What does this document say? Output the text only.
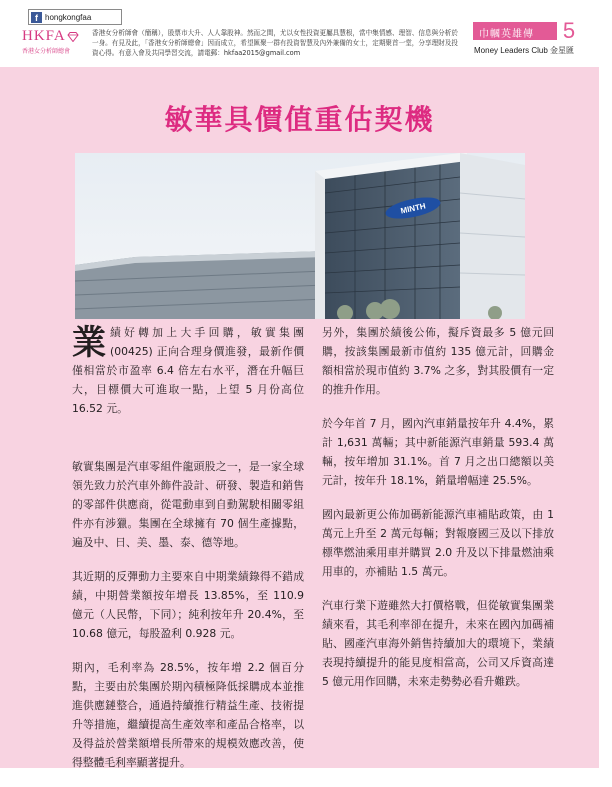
f hongkongfaa
HKFA
香港女分析師總會
香港女分析師會（簡稱），股票市大升、人人靠股神。然而之間，尤以女性投資更屬具慧根，當中集情感、理智、信息與分析於一身。有見及此，「香港女分析師總會」因而成立，希望匯聚一群有投資智慧及內外兼備的女士，定期聚首一堂，分享理財及投資心得。有意入會及共同學習交流，請電郵：hkfaa2015@gmail.com
巾幗英雄傳 5
Money Leaders Club 金星匯
敏華具價值重估契機
MINTH

業績好轉加上大手回購，敏實集團 (00425) 正向合理身價進發，最新作價僅相當於市盈率 6.4 倍左右水平，潛在升幅巨大，目標價大可進取一點，上望 5 月份高位 16.52 元。

敏實集團是汽車零組件龍頭股之一，是一家全球領先致力於汽車外飾件設計、研發、製造和銷售的零部件供應商，從電動車到自動駕駛相關零組件亦有涉獵。集團在全球擁有 70 個生產據點，遍及中、日、美、墨、泰、德等地。

其近期的反彈動力主要來自中期業績錄得不錯成績，中期營業額按年增長 13.85%，至 110.9 億元（人民幣，下同）；純利按年升 20.4%，至 10.68 億元，每股盈利 0.928 元。

期內，毛利率為 28.5%，按年增 2.2 個百分點，主要由於集團於期內積極降低採購成本並推進供應鏈整合，通過持續推行精益生產、技術提升等措施，繼續提高生產效率和產品合格率，以及得益於營業額增長所帶來的規模效應改善，使得整體毛利率顯著提升。

另外，集團於績後公佈，擬斥資最多 5 億元回購，按該集團最新市值約 135 億元計，回購金額相當於現市值約 3.7% 之多，對其股價有一定的推升作用。

於今年首 7 月，國內汽車銷量按年升 4.4%，累計 1,631 萬輛；其中新能源汽車銷量 593.4 萬輛，按年增加 31.1%。首 7 月之出口總額以美元計，按年升 18.1%，銷量增幅達 25.5%。

國內最新更公佈加碼新能源汽車補貼政策，由 1 萬元上升至 2 萬元每輛；對報廢國三及以下排放標準燃油乘用車并購買 2.0 升及以下排量燃油乘用車的，亦補貼 1.5 萬元。

汽車行業下遊雖然大打價格戰，但從敏實集團業績來看，其毛利率卻在提升，未來在國內加碼補貼、國產汽車海外銷售持續加大的環境下，業績表現持續提升的能見度相當高，公司又斥資高達 5 億元用作回購，未來走勢勢必看升難跌。
